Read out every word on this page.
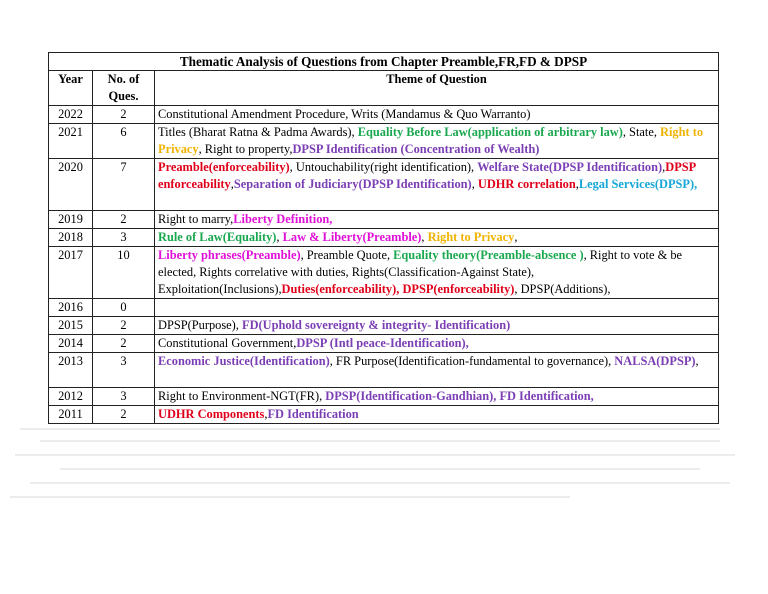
Thematic Analysis of Questions from Chapter Preamble,FR,FD & DPSP		
Year	No. of Ques.	Theme of Question
2022	2	Constitutional Amendment Procedure, Writs (Mandamus & Quo Warranto)
2021	6	Titles (Bharat Ratna & Padma Awards), Equality Before Law(application of arbitrary law), State, Right to Privacy, Right to property,DPSP Identification (Concentration of Wealth)
2020	7	Preamble(enforceability), Untouchability(right identification), Welfare State(DPSP Identification),DPSP enforceability,Separation of Judiciary(DPSP Identification), UDHR correlation,Legal Services(DPSP),
2019	2	Right to marry,Liberty Definition,
2018	3	Rule of Law(Equality), Law & Liberty(Preamble), Right to Privacy,
2017	10	Liberty phrases(Preamble), Preamble Quote, Equality theory(Preamble-absence ), Right to vote & be elected, Rights correlative with duties, Rights(Classification-Against State), Exploitation(Inclusions),Duties(enforceability), DPSP(enforceability), DPSP(Additions),
2016	0	
2015	2	DPSP(Purpose), FD(Uphold sovereignty & integrity- Identification)
2014	2	Constitutional Government,DPSP (Intl peace-Identification),
2013	3	Economic Justice(Identification), FR Purpose(Identification-fundamental to governance), NALSA(DPSP),
2012	3	Right to Environment-NGT(FR), DPSP(Identification-Gandhian), FD Identification,
2011	2	UDHR Components,FD Identification
